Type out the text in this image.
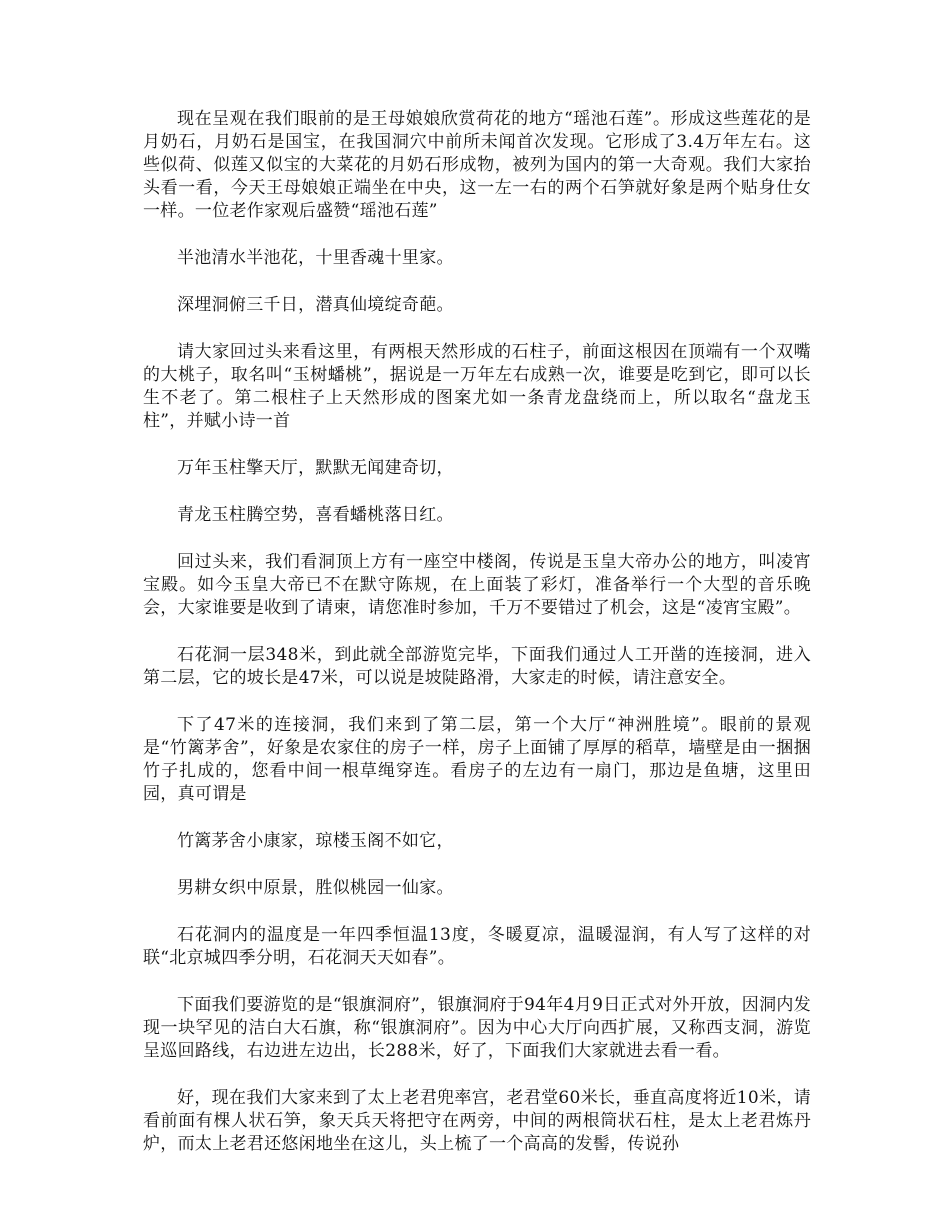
现在呈观在我们眼前的是王母娘娘欣赏荷花的地方“瑶池石莲”。形成这些莲花的是月奶石，月奶石是国宝，在我国洞穴中前所未闻首次发现。它形成了3.4万年左右。这些似荷、似莲又似宝的大菜花的月奶石形成物，被列为国内的第一大奇观。我们大家抬头看一看，今天王母娘娘正端坐在中央，这一左一右的两个石笋就好象是两个贴身仕女一样。一位老作家观后盛赞“瑶池石莲”

半池清水半池花，十里香魂十里家。

深埋洞俯三千日，潜真仙境绽奇葩。

请大家回过头来看这里，有两根天然形成的石柱子，前面这根因在顶端有一个双嘴的大桃子，取名叫“玉树蟠桃”，据说是一万年左右成熟一次，谁要是吃到它，即可以长生不老了。第二根柱子上天然形成的图案尤如一条青龙盘绕而上，所以取名“盘龙玉柱”，并赋小诗一首

万年玉柱擎天厅，默默无闻建奇切，

青龙玉柱腾空势，喜看蟠桃落日红。

回过头来，我们看洞顶上方有一座空中楼阁，传说是玉皇大帝办公的地方，叫凌宵宝殿。如今玉皇大帝已不在默守陈规，在上面装了彩灯，准备举行一个大型的音乐晚会，大家谁要是收到了请柬，请您准时参加，千万不要错过了机会，这是“凌宵宝殿”。

石花洞一层348米，到此就全部游览完毕，下面我们通过人工开凿的连接洞，进入第二层，它的坡长是47米，可以说是坡陡路滑，大家走的时候，请注意安全。

下了47米的连接洞，我们来到了第二层，第一个大厅“神洲胜境”。眼前的景观是“竹篱茅舍”，好象是农家住的房子一样，房子上面铺了厚厚的稻草，墙壁是由一捆捆竹子扎成的，您看中间一根草绳穿连。看房子的左边有一扇门，那边是鱼塘，这里田园，真可谓是

竹篱茅舍小康家，琼楼玉阁不如它，

男耕女织中原景，胜似桃园一仙家。

石花洞内的温度是一年四季恒温13度，冬暖夏凉，温暖湿润，有人写了这样的对联“北京城四季分明，石花洞天天如春”。

下面我们要游览的是“银旗洞府”，银旗洞府于94年4月9日正式对外开放，因洞内发现一块罕见的洁白大石旗，称“银旗洞府”。因为中心大厅向西扩展，又称西支洞，游览呈巡回路线，右边进左边出，长288米，好了，下面我们大家就进去看一看。

好，现在我们大家来到了太上老君兜率宫，老君堂60米长，垂直高度将近10米，请看前面有棵人状石笋，象天兵天将把守在两旁，中间的两根筒状石柱，是太上老君炼丹炉，而太上老君还悠闲地坐在这儿，头上梳了一个高高的发髻，传说孙
